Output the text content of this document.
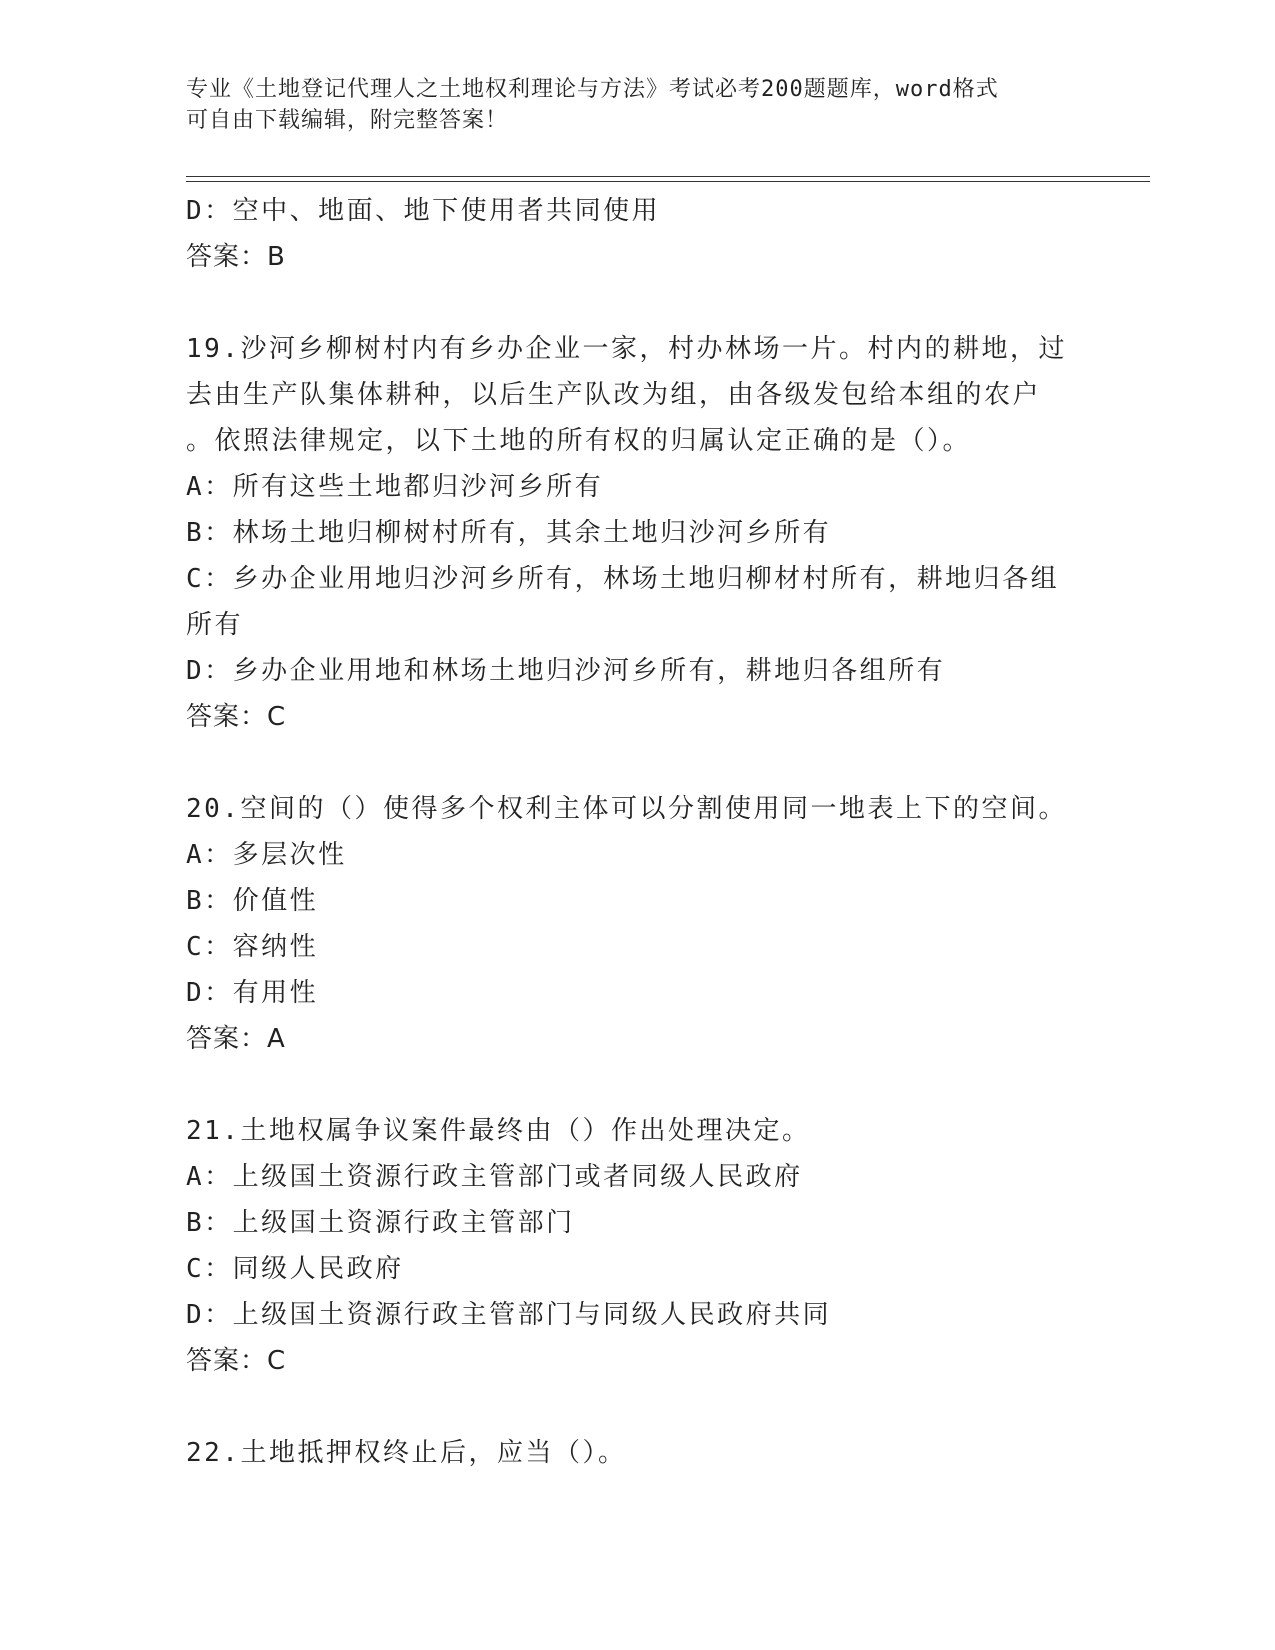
专业《土地登记代理人之土地权利理论与方法》考试必考200题题库，word格式
可自由下载编辑，附完整答案！
D：空中、地面、地下使用者共同使用
答案：B
19.沙河乡柳树村内有乡办企业一家，村办林场一片。村内的耕地，过
去由生产队集体耕种，以后生产队改为组，由各级发包给本组的农户
。依照法律规定，以下土地的所有权的归属认定正确的是（）。
A：所有这些土地都归沙河乡所有
B：林场土地归柳树村所有，其余土地归沙河乡所有
C：乡办企业用地归沙河乡所有，林场土地归柳材村所有，耕地归各组
所有
D：乡办企业用地和林场土地归沙河乡所有，耕地归各组所有
答案：C
20.空间的（）使得多个权利主体可以分割使用同一地表上下的空间。
A：多层次性
B：价值性
C：容纳性
D：有用性
答案：A
21.土地权属争议案件最终由（）作出处理决定。
A：上级国土资源行政主管部门或者同级人民政府
B：上级国土资源行政主管部门
C：同级人民政府
D：上级国土资源行政主管部门与同级人民政府共同
答案：C
22.土地抵押权终止后，应当（）。
